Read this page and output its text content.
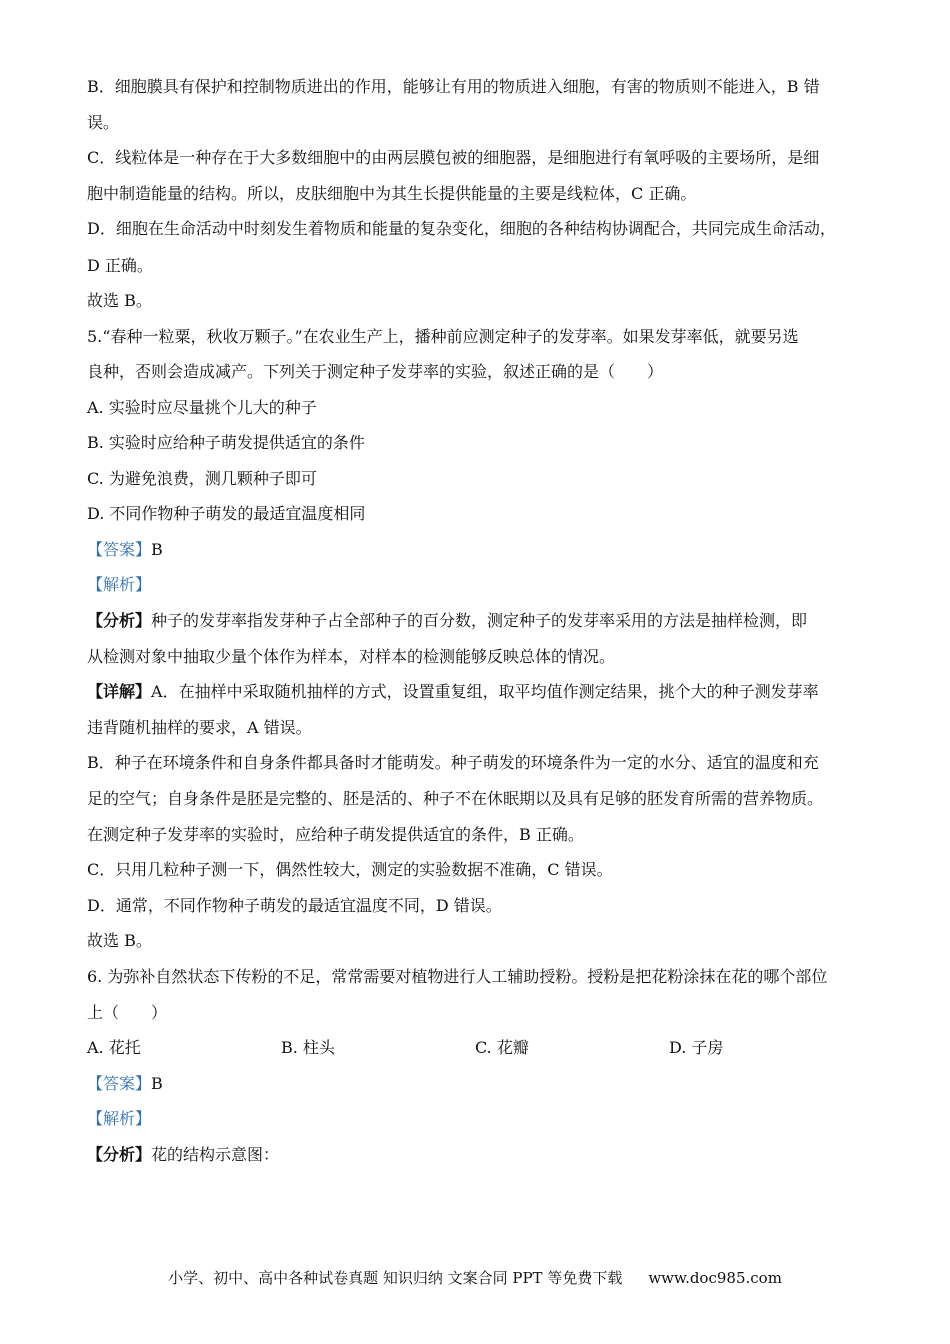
B．细胞膜具有保护和控制物质进出的作用，能够让有用的物质进入细胞，有害的物质则不能进入，B 错
误。
C．线粒体是一种存在于大多数细胞中的由两层膜包被的细胞器，是细胞进行有氧呼吸的主要场所，是细
胞中制造能量的结构。所以，皮肤细胞中为其生长提供能量的主要是线粒体，C 正确。
D．细胞在生命活动中时刻发生着物质和能量的复杂变化，细胞的各种结构协调配合，共同完成生命活动，
D 正确。
故选 B。
5.“春种一粒粟，秋收万颗子。”在农业生产上，播种前应测定种子的发芽率。如果发芽率低，就要另选
良种，否则会造成减产。下列关于测定种子发芽率的实验，叙述正确的是（　　）
A. 实验时应尽量挑个儿大的种子
B. 实验时应给种子萌发提供适宜的条件
C. 为避免浪费，测几颗种子即可
D. 不同作物种子萌发的最适宜温度相同
【答案】B
【解析】
【分析】种子的发芽率指发芽种子占全部种子的百分数，测定种子的发芽率采用的方法是抽样检测，即
从检测对象中抽取少量个体作为样本，对样本的检测能够反映总体的情况。
【详解】A．在抽样中采取随机抽样的方式，设置重复组，取平均值作测定结果，挑个大的种子测发芽率
违背随机抽样的要求，A 错误。
B．种子在环境条件和自身条件都具备时才能萌发。种子萌发的环境条件为一定的水分、适宜的温度和充
足的空气；自身条件是胚是完整的、胚是活的、种子不在休眠期以及具有足够的胚发育所需的营养物质。
在测定种子发芽率的实验时，应给种子萌发提供适宜的条件，B 正确。
C．只用几粒种子测一下，偶然性较大，测定的实验数据不准确，C 错误。
D．通常，不同作物种子萌发的最适宜温度不同，D 错误。
故选 B。
6. 为弥补自然状态下传粉的不足，常常需要对植物进行人工辅助授粉。授粉是把花粉涂抹在花的哪个部位
上（　　）
A. 花托	B. 柱头	C. 花瓣	D. 子房
【答案】B
【解析】
【分析】花的结构示意图：
小学、初中、高中各种试卷真题 知识归纳 文案合同 PPT 等免费下载 www.doc985.com
